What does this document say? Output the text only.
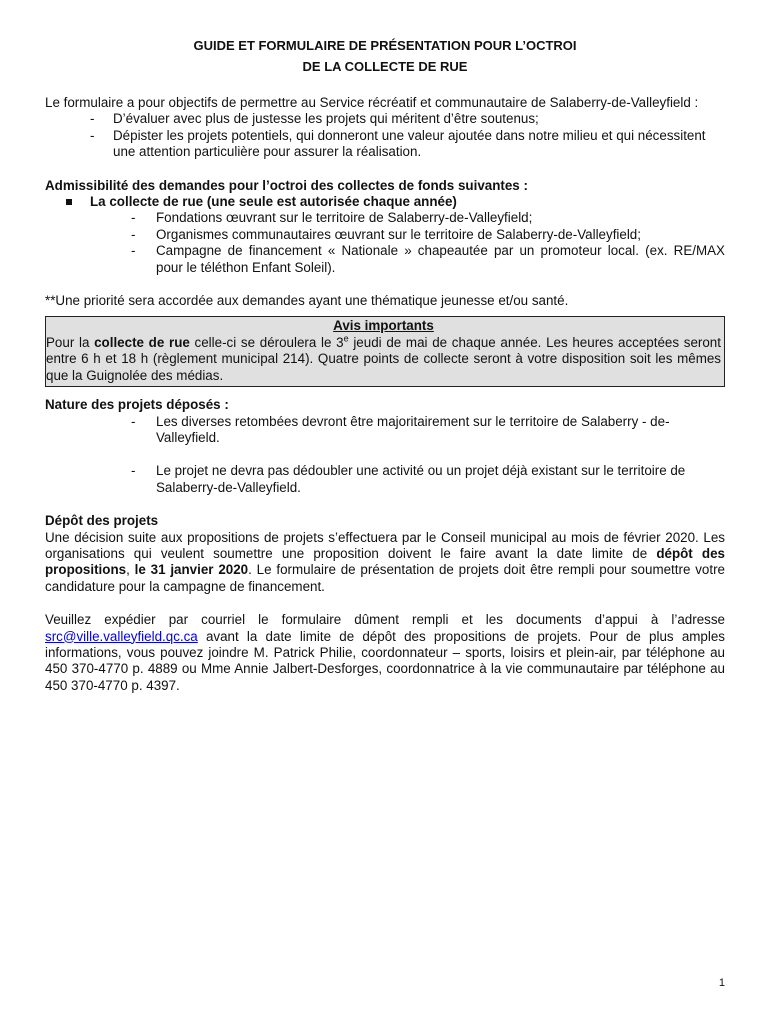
GUIDE ET FORMULAIRE DE PRÉSENTATION POUR L’OCTROI
DE LA COLLECTE DE RUE

Le formulaire a pour objectifs de permettre au Service récréatif et communautaire de Salaberry-de-Valleyfield :

- D’évaluer avec plus de justesse les projets qui méritent d’être soutenus;
- Dépister les projets potentiels, qui donneront une valeur ajoutée dans notre milieu et qui nécessitent une attention particulière pour assurer la réalisation.

Admissibilité des demandes pour l’octroi des collectes de fonds suivantes :

La collecte de rue (une seule est autorisée chaque année)
- Fondations œuvrant sur le territoire de Salaberry-de-Valleyfield;
- Organismes communautaires œuvrant sur le territoire de Salaberry-de-Valleyfield;
- Campagne de financement « Nationale » chapeautée par un promoteur local. (ex. RE/MAX pour le téléthon Enfant Soleil).

**Une priorité sera accordée aux demandes ayant une thématique jeunesse et/ou santé.

Avis importants

Pour la collecte de rue celle-ci se déroulera le 3e jeudi de mai de chaque année. Les heures acceptées seront entre 6 h et 18 h (règlement municipal 214). Quatre points de collecte seront à votre disposition soit les mêmes que la Guignolée des médias.

Nature des projets déposés :

- Les diverses retombées devront être majoritairement sur le territoire de Salaberry - de-Valleyfield.
- Le projet ne devra pas dédoubler une activité ou un projet déjà existant sur le territoire de Salaberry-de-Valleyfield.

Dépôt des projets

Une décision suite aux propositions de projets s’effectuera par le Conseil municipal au mois de février 2020. Les organisations qui veulent soumettre une proposition doivent le faire avant la date limite de dépôt des propositions, le 31 janvier 2020. Le formulaire de présentation de projets doit être rempli pour soumettre votre candidature pour la campagne de financement.

Veuillez expédier par courriel le formulaire dûment rempli et les documents d’appui à l’adresse src@ville.valleyfield.qc.ca avant la date limite de dépôt des propositions de projets. Pour de plus amples informations, vous pouvez joindre M. Patrick Philie, coordonnateur – sports, loisirs et plein-air, par téléphone au 450 370-4770 p. 4889 ou Mme Annie Jalbert-Desforges, coordonnatrice à la vie communautaire par téléphone au 450 370-4770 p. 4397.

1
